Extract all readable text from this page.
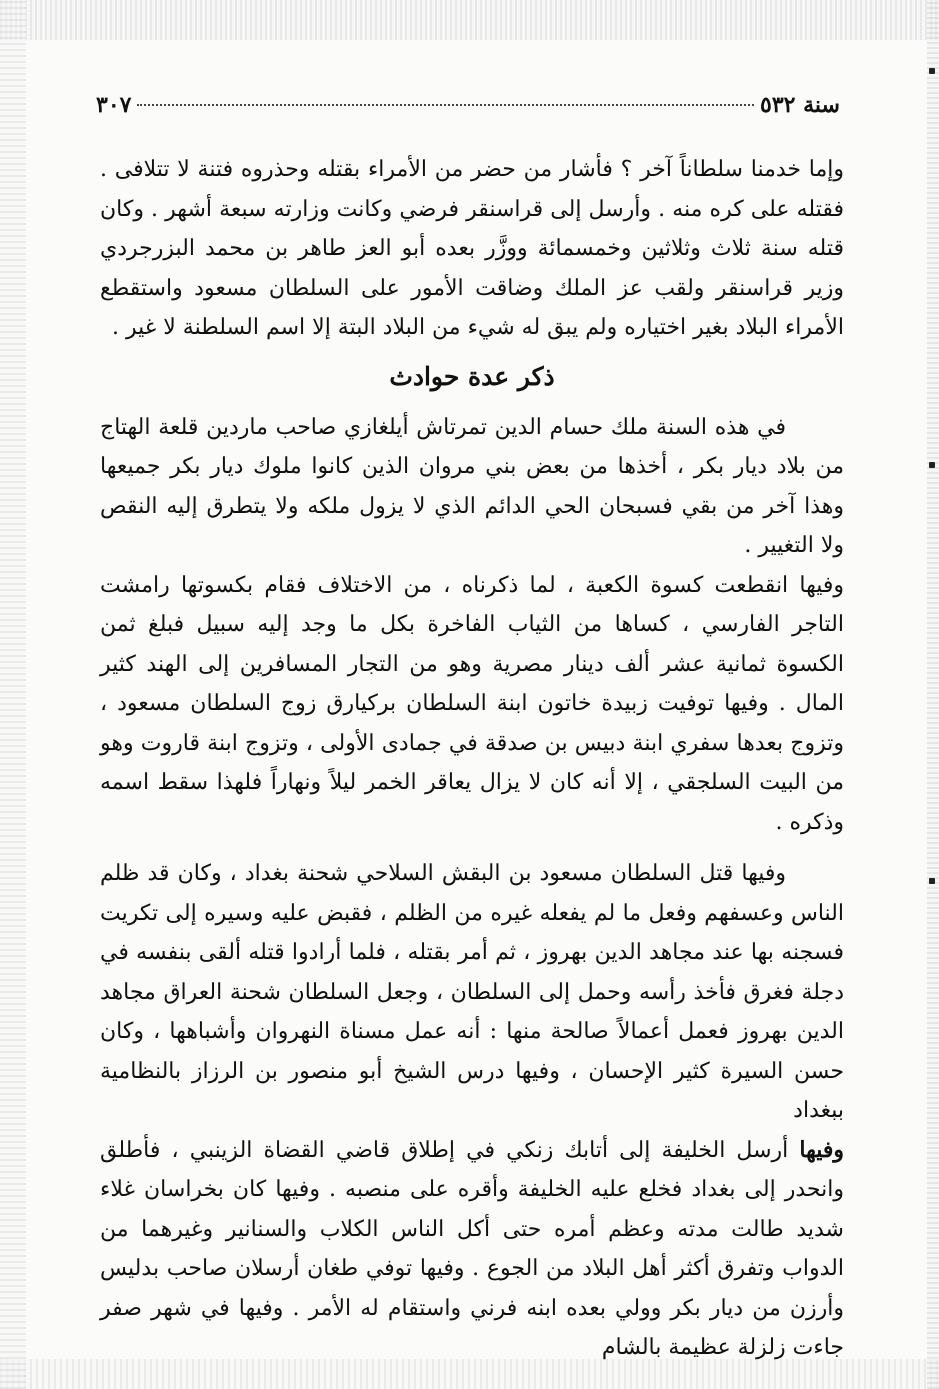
سنة ٥٣٢
٣٠٧

وإما خدمنا سلطاناً آخر ؟ فأشار من حضر من الأمراء بقتله وحذروه فتنة لا تتلافى . فقتله على كره منه . وأرسل إلى قراسنقر فرضي وكانت وزارته سبعة أشهر . وكان قتله سنة ثلاث وثلاثين وخمسمائة ووزَّر بعده أبو العز طاهر بن محمد البزرجردي وزير قراسنقر ولقب عز الملك وضاقت الأمور على السلطان مسعود واستقطع الأمراء البلاد بغير اختياره ولم يبق له شيء من البلاد البتة إلا اسم السلطنة لا غير .

ذكر عدة حوادث

في هذه السنة ملك حسام الدين تمرتاش أيلغازي صاحب ماردين قلعة الهتاج من بلاد ديار بكر ، أخذها من بعض بني مروان الذين كانوا ملوك ديار بكر جميعها وهذا آخر من بقي فسبحان الحي الدائم الذي لا يزول ملكه ولا يتطرق إليه النقص ولا التغيير .

وفيها انقطعت كسوة الكعبة ، لما ذكرناه ، من الاختلاف فقام بكسوتها رامشت التاجر الفارسي ، كساها من الثياب الفاخرة بكل ما وجد إليه سبيل فبلغ ثمن الكسوة ثمانية عشر ألف دينار مصرية وهو من التجار المسافرين إلى الهند كثير المال . وفيها توفيت زبيدة خاتون ابنة السلطان بركيارق زوج السلطان مسعود ، وتزوج بعدها سفري ابنة دبيس بن صدقة في جمادى الأولى ، وتزوج ابنة قاروت وهو من البيت السلجقي ، إلا أنه كان لا يزال يعاقر الخمر ليلاً ونهاراً فلهذا سقط اسمه وذكره .

وفيها قتل السلطان مسعود بن البقش السلاحي شحنة بغداد ، وكان قد ظلم الناس وعسفهم وفعل ما لم يفعله غيره من الظلم ، فقبض عليه وسيره إلى تكريت فسجنه بها عند مجاهد الدين بهروز ، ثم أمر بقتله ، فلما أرادوا قتله ألقى بنفسه في دجلة فغرق فأخذ رأسه وحمل إلى السلطان ، وجعل السلطان شحنة العراق مجاهد الدين بهروز فعمل أعمالاً صالحة منها : أنه عمل مسناة النهروان وأشباهها ، وكان حسن السيرة كثير الإحسان ، وفيها درس الشيخ أبو منصور بن الرزاز بالنظامية ببغداد

وفيها أرسل الخليفة إلى أتابك زنكي في إطلاق قاضي القضاة الزينبي ، فأطلق وانحدر إلى بغداد فخلع عليه الخليفة وأقره على منصبه . وفيها كان بخراسان غلاء شديد طالت مدته وعظم أمره حتى أكل الناس الكلاب والسنانير وغيرهما من الدواب وتفرق أكثر أهل البلاد من الجوع . وفيها توفي طغان أرسلان صاحب بدليس وأرزن من ديار بكر وولي بعده ابنه فرني واستقام له الأمر . وفيها في شهر صفر جاءت زلزلة عظيمة بالشام
